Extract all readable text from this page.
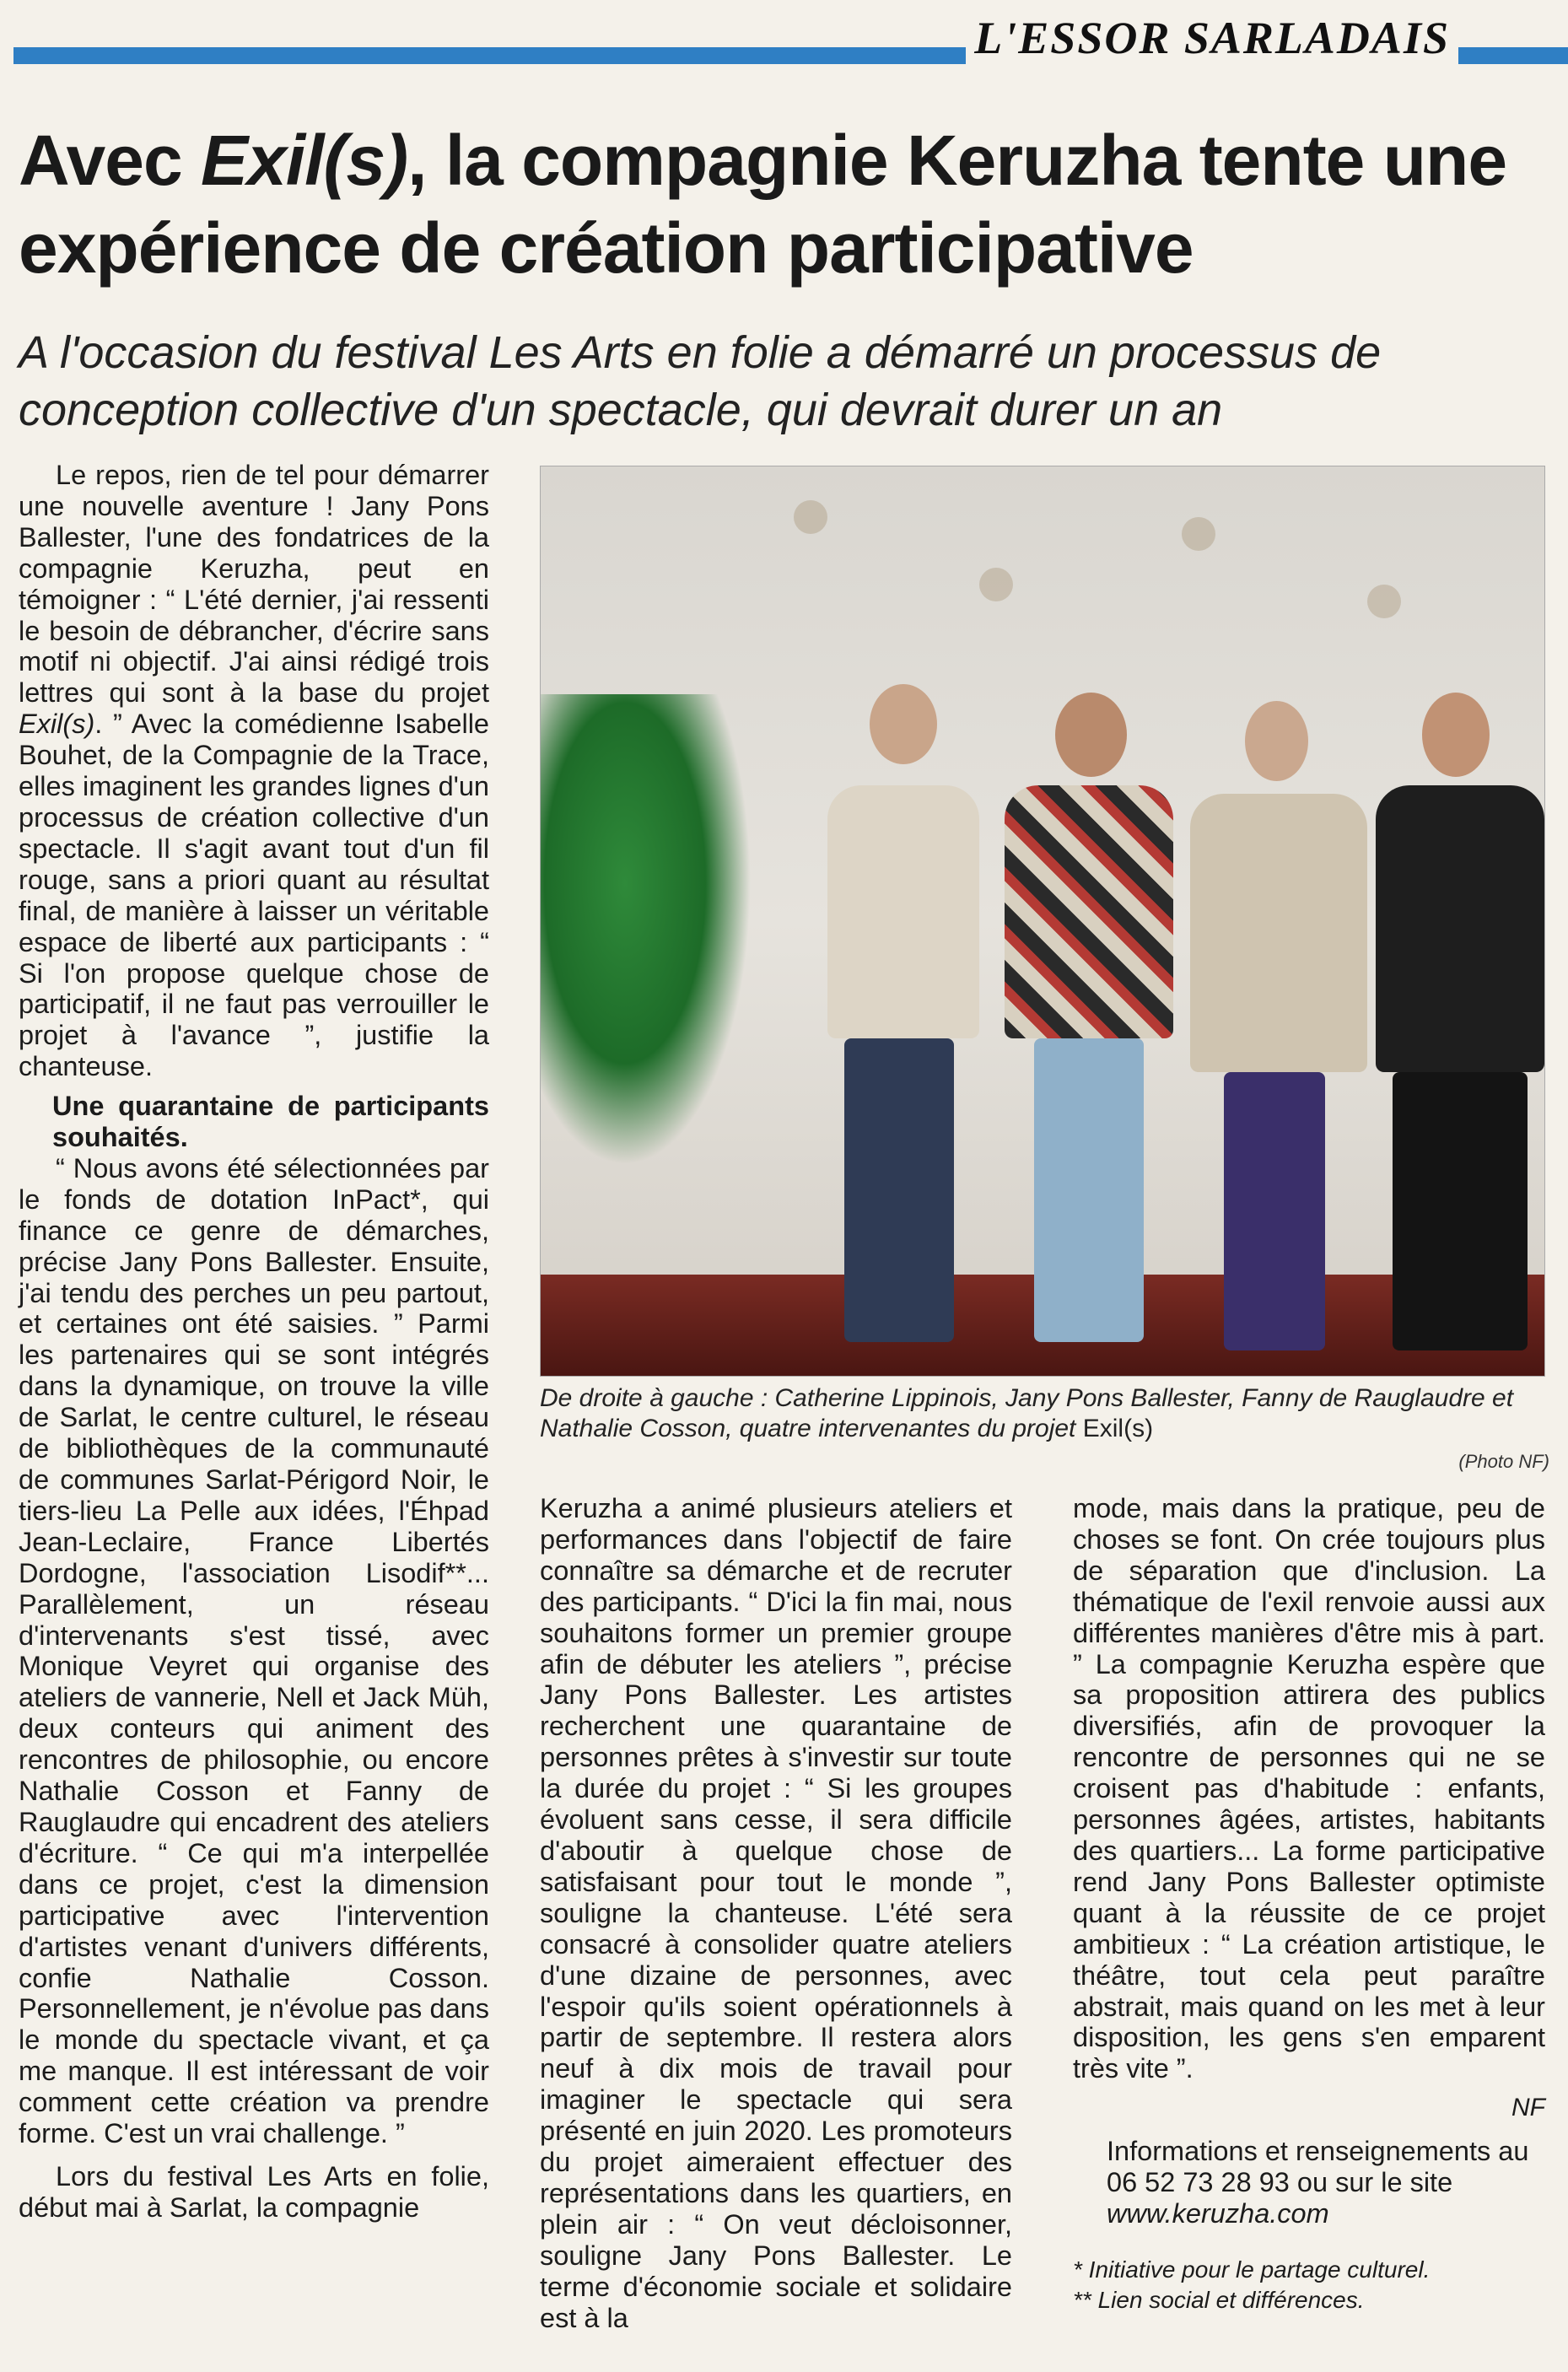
L'ESSOR SARLADAIS
Avec Exil(s), la compagnie Keruzha tente une expérience de création participative
A l'occasion du festival Les Arts en folie a démarré un processus de conception collective d'un spectacle, qui devrait durer un an

Le repos, rien de tel pour démarrer une nouvelle aventure ! Jany Pons Ballester, l'une des fondatrices de la compagnie Keruzha, peut en témoigner : “ L'été dernier, j'ai ressenti le besoin de débrancher, d'écrire sans motif ni objectif. J'ai ainsi rédigé trois lettres qui sont à la base du projet Exil(s). ” Avec la comédienne Isabelle Bouhet, de la Compagnie de la Trace, elles imaginent les grandes lignes d'un processus de création collective d'un spectacle. Il s'agit avant tout d'un fil rouge, sans a priori quant au résultat final, de manière à laisser un véritable espace de liberté aux participants : “ Si l'on propose quelque chose de participatif, il ne faut pas verrouiller le projet à l'avance ”, justifie la chanteuse.

Une quarantaine de participants souhaités.

“ Nous avons été sélectionnées par le fonds de dotation InPact*, qui finance ce genre de démarches, précise Jany Pons Ballester. Ensuite, j'ai tendu des perches un peu partout, et certaines ont été saisies. ” Parmi les partenaires qui se sont intégrés dans la dynamique, on trouve la ville de Sarlat, le centre culturel, le réseau de bibliothèques de la communauté de communes Sarlat-Périgord Noir, le tiers-lieu La Pelle aux idées, l'Éhpad Jean-Leclaire, France Libertés Dordogne, l'association Lisodif**... Parallèlement, un réseau d'intervenants s'est tissé, avec Monique Veyret qui organise des ateliers de vannerie, Nell et Jack Müh, deux conteurs qui animent des rencontres de philosophie, ou encore Nathalie Cosson et Fanny de Rauglaudre qui encadrent des ateliers d'écriture. “ Ce qui m'a interpellée dans ce projet, c'est la dimension participative avec l'intervention d'artistes venant d'univers différents, confie Nathalie Cosson. Personnellement, je n'évolue pas dans le monde du spectacle vivant, et ça me manque. Il est intéressant de voir comment cette création va prendre forme. C'est un vrai challenge. ”

Lors du festival Les Arts en folie, début mai à Sarlat, la compagnie

De droite à gauche : Catherine Lippinois, Jany Pons Ballester, Fanny de Rauglaudre et Nathalie Cosson, quatre intervenantes du projet Exil(s)
(Photo NF)

Keruzha a animé plusieurs ateliers et performances dans l'objectif de faire connaître sa démarche et de recruter des participants. “ D'ici la fin mai, nous souhaitons former un premier groupe afin de débuter les ateliers ”, précise Jany Pons Ballester. Les artistes recherchent une quarantaine de personnes prêtes à s'investir sur toute la durée du projet : “ Si les groupes évoluent sans cesse, il sera difficile d'aboutir à quelque chose de satisfaisant pour tout le monde ”, souligne la chanteuse. L'été sera consacré à consolider quatre ateliers d'une dizaine de personnes, avec l'espoir qu'ils soient opérationnels à partir de septembre. Il restera alors neuf à dix mois de travail pour imaginer le spectacle qui sera présenté en juin 2020. Les promoteurs du projet aimeraient effectuer des représentations dans les quartiers, en plein air : “ On veut décloisonner, souligne Jany Pons Ballester. Le terme d'économie sociale et solidaire est à la

mode, mais dans la pratique, peu de choses se font. On crée toujours plus de séparation que d'inclusion. La thématique de l'exil renvoie aussi aux différentes manières d'être mis à part. ” La compagnie Keruzha espère que sa proposition attirera des publics diversifiés, afin de provoquer la rencontre de personnes qui ne se croisent pas d'habitude : enfants, personnes âgées, artistes, habitants des quartiers... La forme participative rend Jany Pons Ballester optimiste quant à la réussite de ce projet ambitieux : “ La création artistique, le théâtre, tout cela peut paraître abstrait, mais quand on les met à leur disposition, les gens s'en emparent très vite ”.

NF

Informations et renseignements au 06 52 73 28 93 ou sur le site
www.keruzha.com

* Initiative pour le partage culturel.

** Lien social et différences.
